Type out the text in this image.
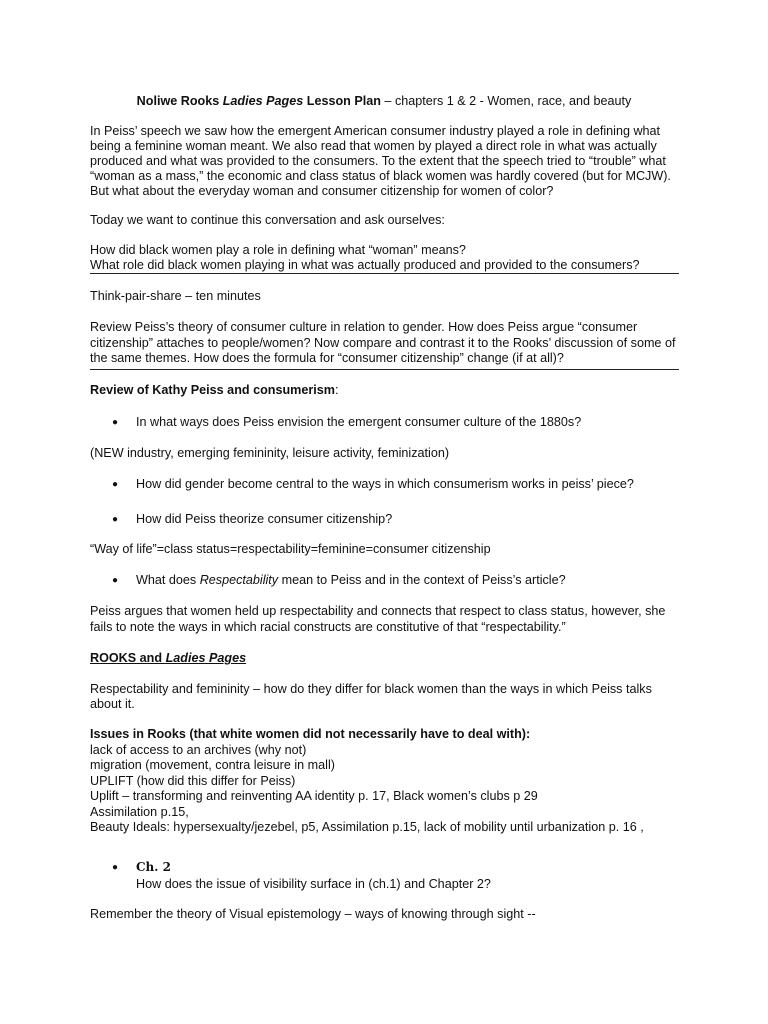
Noliwe Rooks Ladies Pages Lesson Plan – chapters 1 & 2 - Women, race, and beauty
In Peiss’ speech we saw how the emergent American consumer industry played a role in defining what
being a feminine woman meant. We also read that women by played a direct role in what was actually
produced and what was provided to the consumers. To the extent that the speech tried to “trouble” what
“woman as a mass,” the economic and class status of black women was hardly covered (but for MCJW).
But what about the everyday woman and consumer citizenship for women of color?
Today we want to continue this conversation and ask ourselves:
How did black women play a role in defining what “woman” means?
What role did black women playing in what was actually produced and provided to the consumers?
Think-pair-share – ten minutes
Review Peiss’s theory of consumer culture in relation to gender. How does Peiss argue “consumer
citizenship” attaches to people/women? Now compare and contrast it to the Rooks’ discussion of some of
the same themes. How does the formula for “consumer citizenship” change (if at all)?
Review of Kathy Peiss and consumerism:
● In what ways does Peiss envision the emergent consumer culture of the 1880s?
(NEW industry, emerging femininity, leisure activity, feminization)
● How did gender become central to the ways in which consumerism works in peiss’ piece?
● How did Peiss theorize consumer citizenship?
“Way of life”=class status=respectability=feminine=consumer citizenship
● What does Respectability mean to Peiss and in the context of Peiss’s article?
Peiss argues that women held up respectability and connects that respect to class status, however, she
fails to note the ways in which racial constructs are constitutive of that “respectability.”
ROOKS and Ladies Pages
Respectability and femininity – how do they differ for black women than the ways in which Peiss talks
about it.
Issues in Rooks (that white women did not necessarily have to deal with):
lack of access to an archives (why not)
migration (movement, contra leisure in mall)
UPLIFT (how did this differ for Peiss)
Uplift – transforming and reinventing AA identity p. 17, Black women’s clubs p 29
Assimilation p.15,
Beauty Ideals: hypersexualty/jezebel, p5, Assimilation p.15, lack of mobility until urbanization p. 16 ,
● Ch. 2
How does the issue of visibility surface in (ch.1) and Chapter 2?
Remember the theory of Visual epistemology – ways of knowing through sight --
